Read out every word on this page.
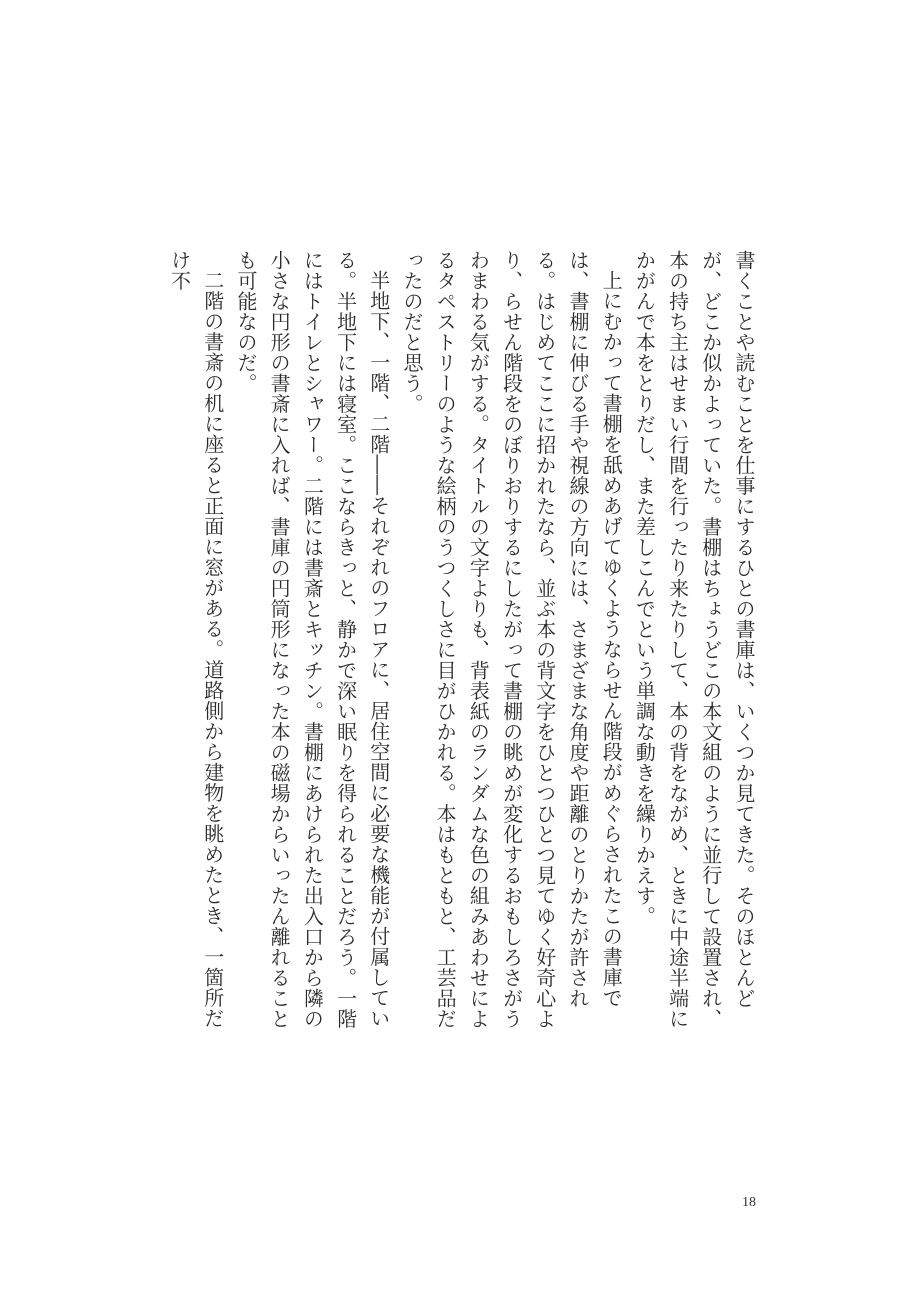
書くことや読むことを仕事にするひとの書庫は、いくつか見てきた。そのほとんどが、どこか似かよっていた。書棚はちょうどこの本文組のように並行して設置され、本の持ち主はせまい行間を行ったり来たりして、本の背をながめ、ときに中途半端にかがんで本をとりだし、また差しこんでという単調な動きを繰りかえす。

上にむかって書棚を舐めあげてゆくようならせん階段がめぐらされたこの書庫では、書棚に伸びる手や視線の方向には、さまざまな角度や距離のとりかたが許される。はじめてここに招かれたなら、並ぶ本の背文字をひとつひとつ見てゆく好奇心より、らせん階段をのぼりおりするにしたがって書棚の眺めが変化するおもしろさがうわまわる気がする。タイトルの文字よりも、背表紙のランダムな色の組みあわせによるタペストリーのような絵柄のうつくしさに目がひかれる。本はもともと、工芸品だったのだと思う。

半地下、一階、二階――それぞれのフロアに、居住空間に必要な機能が付属している。半地下には寝室。ここならきっと、静かで深い眠りを得られることだろう。一階にはトイレとシャワー。二階には書斎とキッチン。書棚にあけられた出入口から隣の小さな円形の書斎に入れば、書庫の円筒形になった本の磁場からいったん離れることも可能なのだ。

二階の書斎の机に座ると正面に窓がある。道路側から建物を眺めたとき、一箇所だけ不

18
